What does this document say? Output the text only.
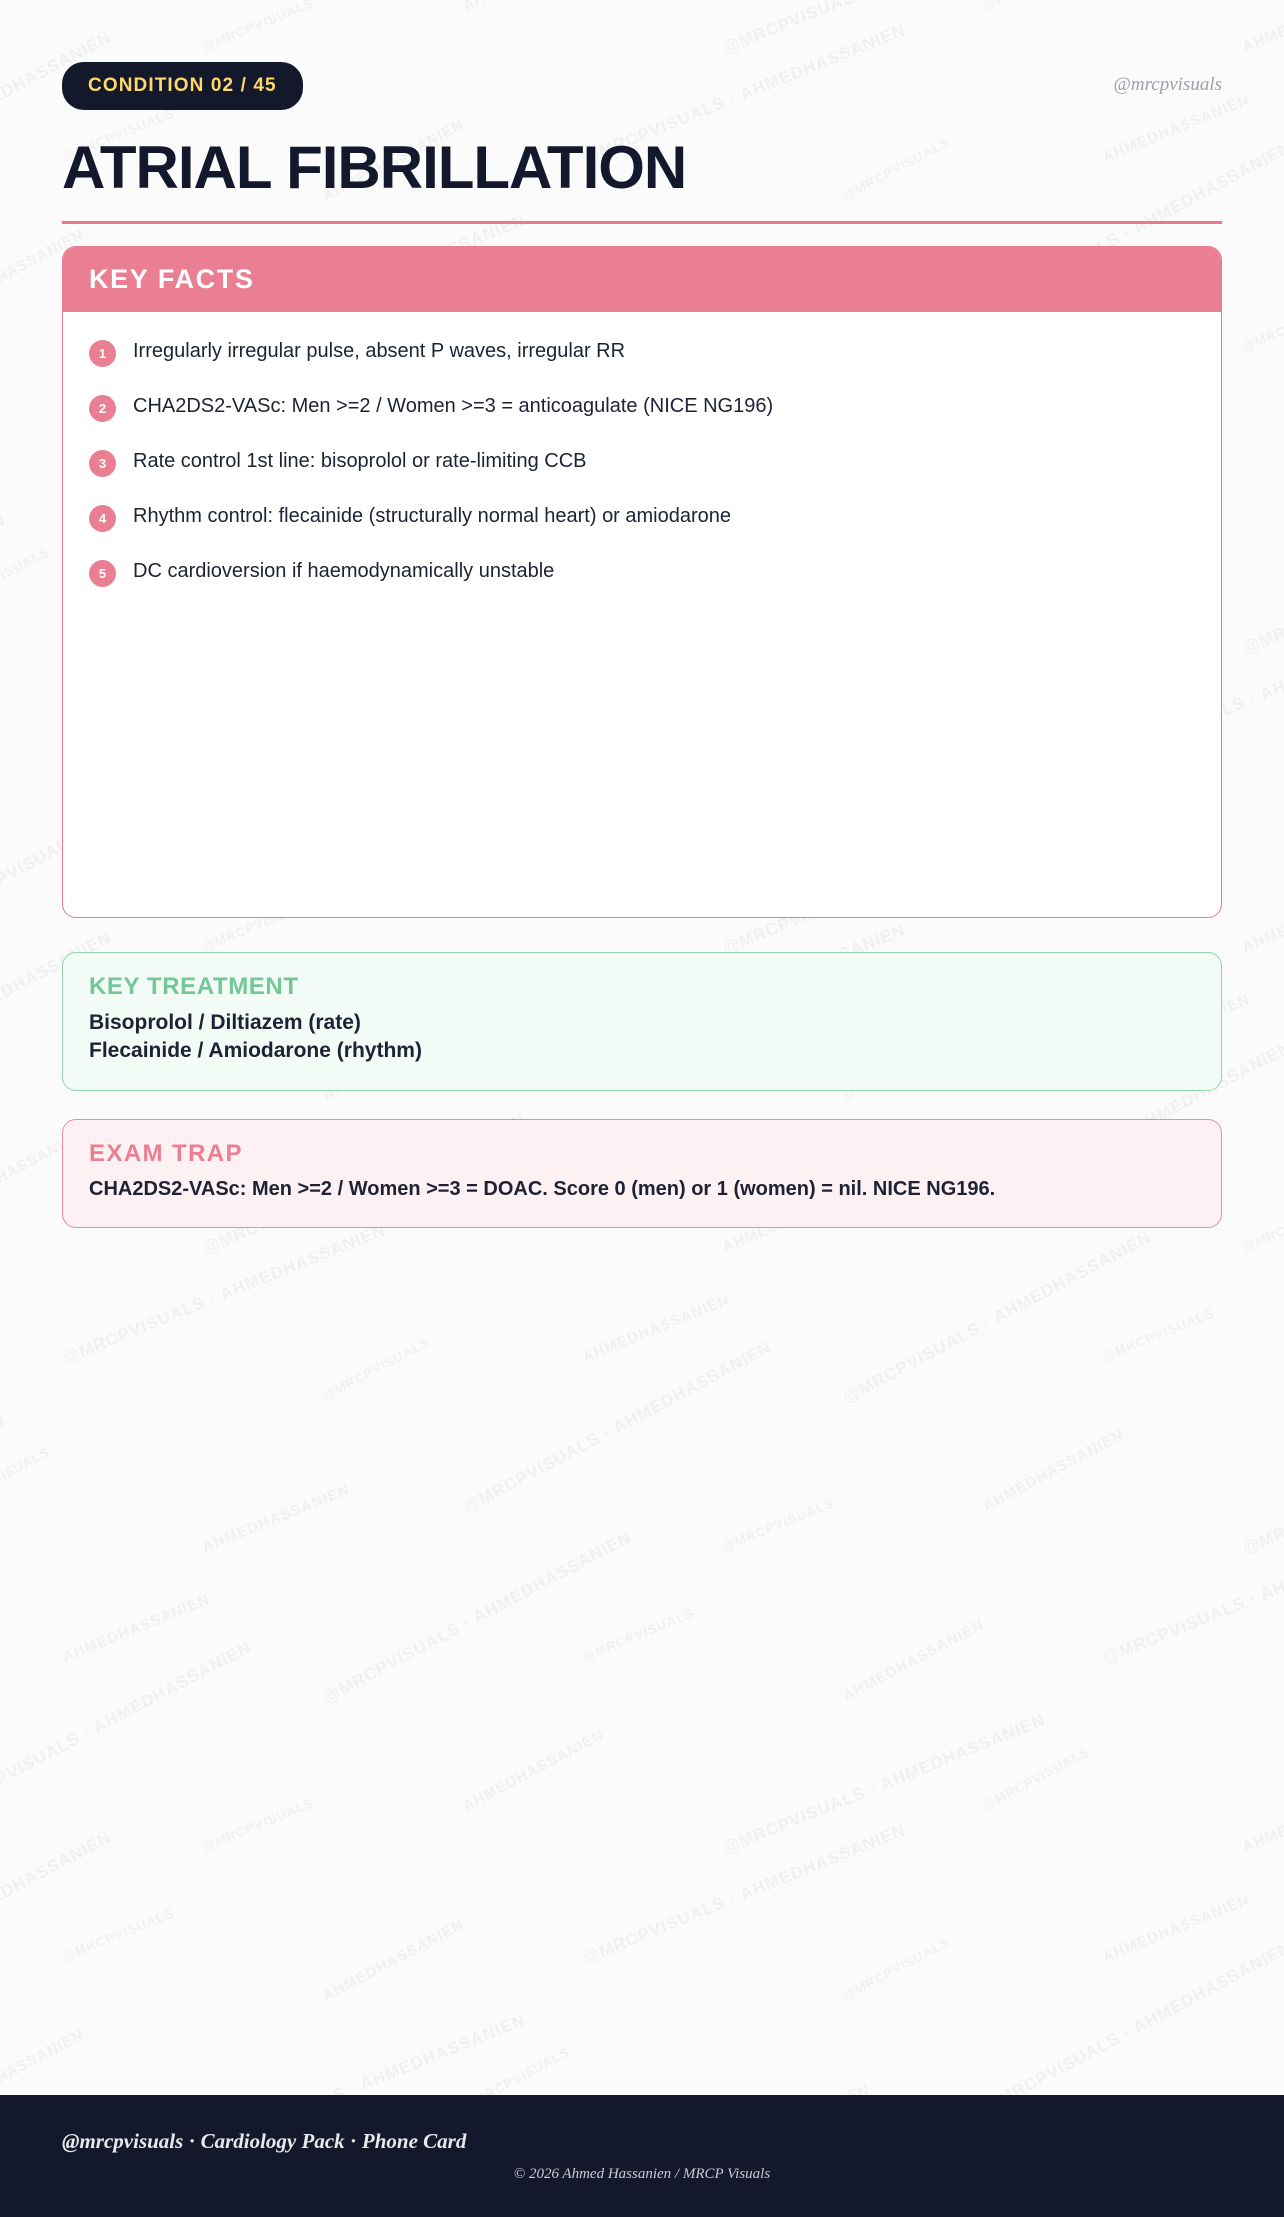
CONDITION 02 / 45	@mrcpvisuals
ATRIAL FIBRILLATION
KEY FACTS
1	Irregularly irregular pulse, absent P waves, irregular RR
2	CHA2DS2-VASc: Men >=2 / Women >=3 = anticoagulate (NICE NG196)
3	Rate control 1st line: bisoprolol or rate-limiting CCB
4	Rhythm control: flecainide (structurally normal heart) or amiodarone
5	DC cardioversion if haemodynamically unstable
KEY TREATMENT
Bisoprolol / Diltiazem (rate)
Flecainide / Amiodarone (rhythm)
EXAM TRAP
CHA2DS2-VASc: Men >=2 / Women >=3 = DOAC. Score 0 (men) or 1 (women) = nil. NICE NG196.
@mrcpvisuals · Cardiology Pack · Phone Card
© 2026 Ahmed Hassanien / MRCP Visuals
